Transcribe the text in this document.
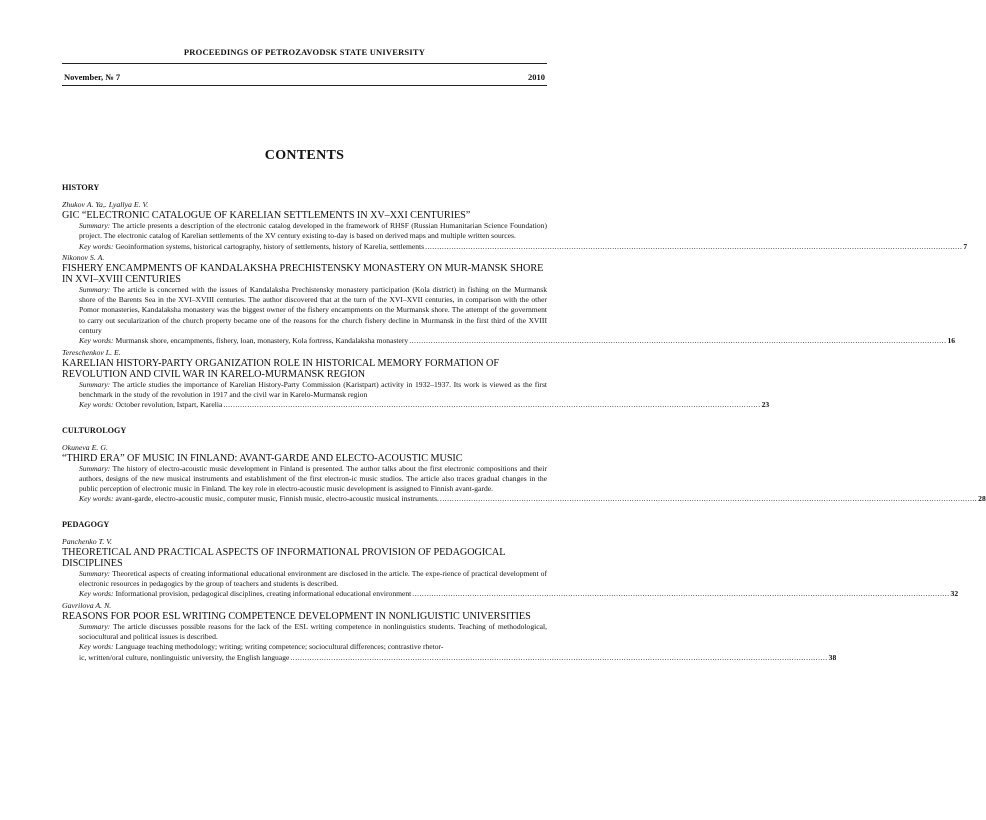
PROCEEDINGS OF PETROZAVODSK STATE UNIVERSITY
November, № 7	2010
CONTENTS
HISTORY

Zhukov A. Ya,. Lyallya E. V.

GIC “ELECTRONIC CATALOGUE OF KARELIAN SETTLEMENTS IN XV–XXI CENTURIES”

Summary: The article presents a description of the electronic catalog developed in the framework of RHSF (Russian Humanitarian Science Foundation) project. The electronic catalog of Karelian settlements of the XV century existing to-day is based on derived maps and multiple written sources.

Key words: Geoinformation systems, historical cartography, history of settlements, history of Karelia, settlements .....	7

Nikonov S. A.

FISHERY ENCAMPMENTS OF KANDALAKSHA PRECHISTENSKY MONASTERY ON MUR-MANSK SHORE IN XVI–XVIII CENTURIES

Summary: The article is concerned with the issues of Kandalaksha Prechistensky monastery participation (Kola district) in fishing on the Murmansk shore of the Barents Sea in the XVI–XVIII centuries. The author discovered that at the turn of the XVI–XVII centuries, in comparison with the other Pomor monasteries, Kandalaksha monastery was the biggest owner of the fishery encampments on the Murmansk shore. The attempt of the government to carry out secularization of the church property became one of the reasons for the church fishery decline in Murmansk in the first third of the XVIII century

Key words: Murmansk shore, encampments, fishery, loan, monastery, Kola fortress, Kandalaksha monastery .....	16

Tereschenkov L. E.

KARELIAN HISTORY-PARTY ORGANIZATION ROLE IN HISTORICAL MEMORY FORMATION OF REVOLUTION AND CIVIL WAR IN KARELO-MURMANSK REGION

Summary: The article studies the importance of Karelian History-Party Commission (Karistpart) activity in 1932–1937. Its work is viewed as the first benchmark in the study of the revolution in 1917 and the civil war in Karelo-Murmansk region

Key words: October revolution, Istpart, Karelia .....	23

CULTUROLOGY

Okuneva E. G.

“THIRD ERA” OF MUSIC IN FINLAND: AVANT-GARDE AND ELECTO-ACOUSTIC MUSIC

Summary: The history of electro-acoustic music development in Finland is presented. The author talks about the first electronic compositions and their authors, designs of the new musical instruments and establishment of the first electron-ic music studios. The article also traces gradual changes in the public perception of electronic music in Finland. The key role in electro-acoustic music development is assigned to Finnish avant-garde.

Key words: avant-garde, electro-acoustic music, computer music, Finnish music, electro-acoustic musical instruments. .....	28

PEDAGOGY

Panchenko T. V.

THEORETICAL AND PRACTICAL ASPECTS OF INFORMATIONAL PROVISION OF PEDAGOGICAL DISCIPLINES

Summary: Theoretical aspects of creating informational educational environment are disclosed in the article. The expe-rience of practical development of electronic resources in pedagogics by the group of teachers and students is described.

Key words: Informational provision, pedagogical disciplines, creating informational educational environment .....	32

Gavrilova A. N.

REASONS FOR POOR ESL WRITING COMPETENCE DEVELOPMENT IN NONLIGUISTIC UNIVERSITIES

Summary: The article discusses possible reasons for the lack of the ESL writing competence in nonlinguistics students. Teaching of methodological, sociocultural and political issues is described.

Key words: Language teaching methodology; writing; writing competence; sociocultural differences; contrastive rhetor-
ic, written/oral culture, nonlinguistic university, the English language .....	38
